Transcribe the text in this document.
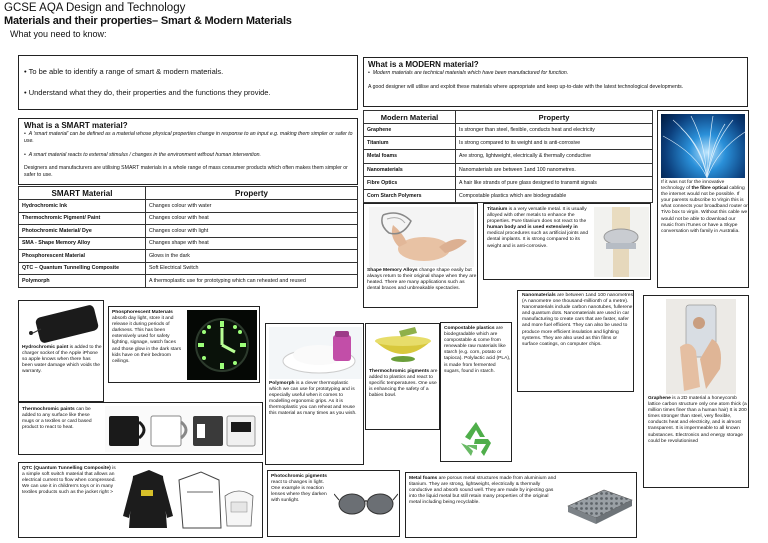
GCSE AQA Design and Technology
Materials and their properties– Smart & Modern Materials
What you need to know:
• To be able to identify a range of smart & modern materials.
• Understand what they do, their properties and the functions they provide.
What is a SMART material?
•  A 'smart material' can be defined as a material whose physical properties change in response to an input e.g. making them simpler or safer to use.
•  A smart material reacts to external stimulus / changes in the environment without human intervention.
Designers and manufacturers are utilising SMART materials in a whole range of mass consumer products which often makes them simpler or safer to use.
SMART Material	Property
Hydrochromic Ink	Changes colour with water
Thermochromic Pigment/ Paint	Changes colour with heat
Photochromic Material/ Dye	Changes colour with light
SMA - Shape Memory Alloy	Changes shape with heat
Phosphorescent Material	Glows in the dark
QTC – Quantum Tunnelling Composite	Soft Electrical Switch
Polymorph	A thermoplastic use for prototyping which can reheated and reused
What is a MODERN material?
•  Modern materials are technical materials which have been manufactured for function.
A good designer will utilise and exploit these materials where appropriate and keep up-to-date with the latest technological developments.
Modern Material	Property
Graphene	Is stronger than steel, flexible, conducts heat and electricity
Titanium	Is strong compared to its weight and is anti-corrosive
Metal foams	Are strong, lightweight, electrically & thermally conductive
Nanomaterials	Nanomaterials are between 1and 100 nanometres.
Fibre Optics	A hair like strands of pure glass designed to transmit signals
Corn Starch Polymers	Compostable plastics which are biodegradable
If it was not for the innovative technology of the fibre optical cabling the internet would not be possible. If your parents subscribe to Virgin this is what connects your broadband router or TiVo box to virgin. Without this cable we would not be able to download our music from iTunes or have a Skype conversation with family in Australia.
Shape Memory Alloys change shape easily but always return to their original shape when they are heated. There are many applications such as dental braces and unbreakable spectacles.
Titanium is a very versatile metal. It is usually alloyed with other metals to enhance the properties. Pure titanium does not react to the human body and is used extensively in medical procedures such as artificial joints and dental implants. It is strong compared to its weight and is anti-corrosive.
Nanomaterials are between 1and 100 nanometres (A nanometre one thousand-millionth of a metre). Nanomaterials include carbon nanotubes, fullerene and quantum dots. Nanomaterials are used in car manufacturing to create cars that are faster, safer and more fuel efficient. They can also be used to produce more efficient insulation and lighting systems. They are also used as thin films or surface coatings, on computer chips.
Graphene is a 2D material a honeycomb lattice carbon structure only one atom thick (a million times finer than a human hair) It is 200 times stronger than steel, very flexible, conducts heat and electricity, and is almost transparent. It is impermeable to all known substances. Electronics and energy storage could be revolutionised
Hydrochromic paint is added to the charger socket of the Apple iPhone so apple knows when there has been water damage which voids the warranty.
Phosphorescent Materials absorb day light, store it and release it during periods of darkness. This has been extensively used for safety lighting, signage, watch faces and those glow in the dark stars kids have on their bedroom ceilings.
Polymorph is a clever thermoplastic which we can use for prototyping and is especially useful when it comes to modelling ergonomic grips. As it is thermoplastic you can reheat and reuse this material as many times as you wish.
Thermochromic pigments are added to plastics and react to specific temperatures. One use is enhancing the safety of a babies bowl.
Compostable plastics are biodegradable which are compostable & come from renewable raw materials like starch (e.g. corn, potato or tapioca). Polylactic acid (PLA), is made from fermented sugars, found in starch.
Thermochromic paints can be added to any surface like these mugs or a textiles or card based product to react to heat.
QTC (Quantum Tunnelling Composite) is a simple soft switch material that allows an electrical current to flow when compressed. We can use it in children's toys or in many textiles products such as the jacket right >
Photochromic pigments react to changes in light. One example is reaction lenses where they darken with sunlight.
Metal foams are porous metal structures made from aluminium and titanium. They are strong, lightweight, electrically & thermally conductive and absorb sound well. They are made by injecting gas into the liquid metal but still retain many properties of the original metal including being recyclable.
